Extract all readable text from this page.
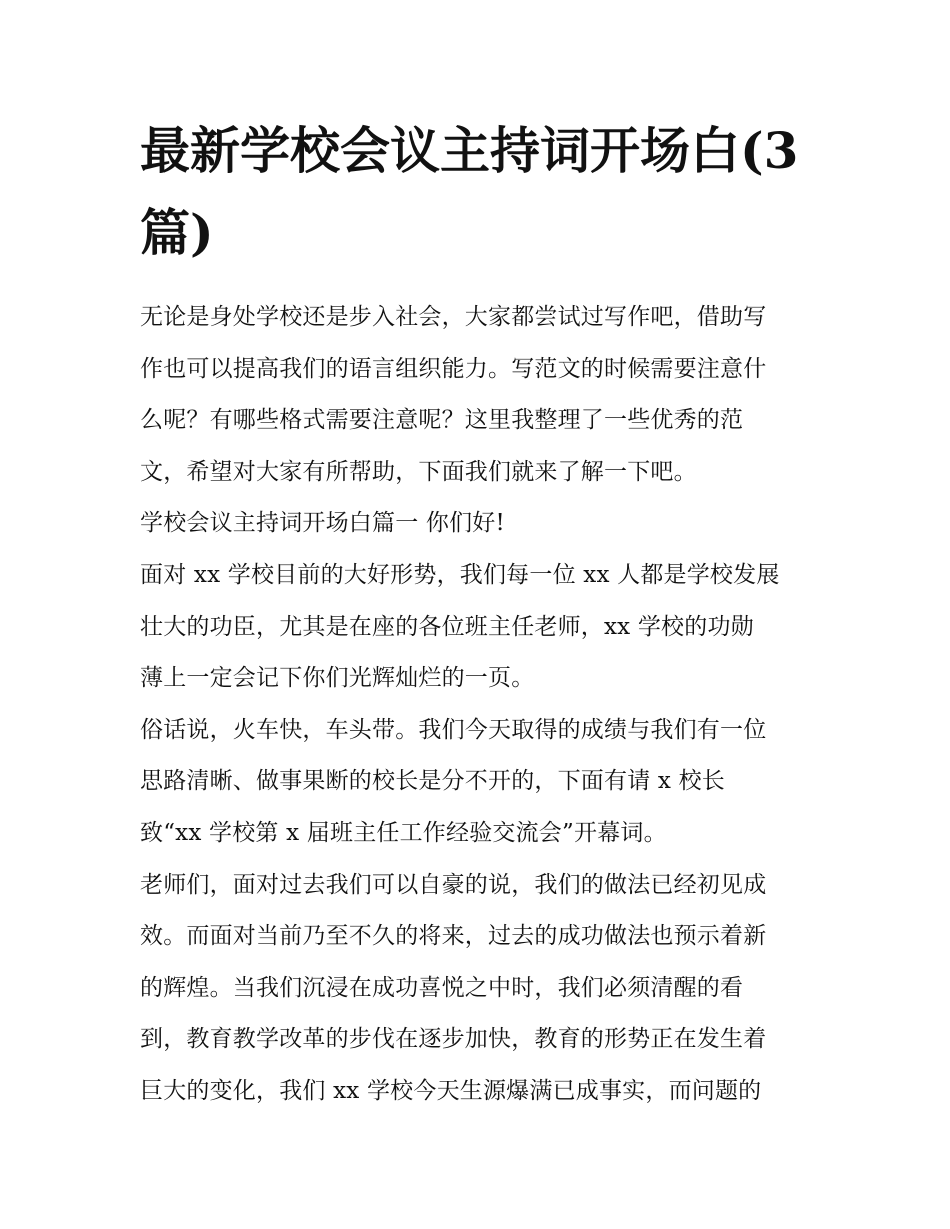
最新学校会议主持词开场白(3
篇)

无论是身处学校还是步入社会，大家都尝试过写作吧，借助写
作也可以提高我们的语言组织能力。写范文的时候需要注意什
么呢？有哪些格式需要注意呢？这里我整理了一些优秀的范
文，希望对大家有所帮助，下面我们就来了解一下吧。

学校会议主持词开场白篇一 你们好!

面对 xx 学校目前的大好形势，我们每一位 xx 人都是学校发展
壮大的功臣，尤其是在座的各位班主任老师，xx 学校的功勋
薄上一定会记下你们光辉灿烂的一页。

俗话说，火车快，车头带。我们今天取得的成绩与我们有一位
思路清晰、做事果断的校长是分不开的，下面有请 x 校长
致“xx 学校第 x 届班主任工作经验交流会”开幕词。

老师们，面对过去我们可以自豪的说，我们的做法已经初见成
效。而面对当前乃至不久的将来，过去的成功做法也预示着新
的辉煌。当我们沉浸在成功喜悦之中时，我们必须清醒的看
到，教育教学改革的步伐在逐步加快，教育的形势正在发生着
巨大的变化，我们 xx 学校今天生源爆满已成事实，而问题的
